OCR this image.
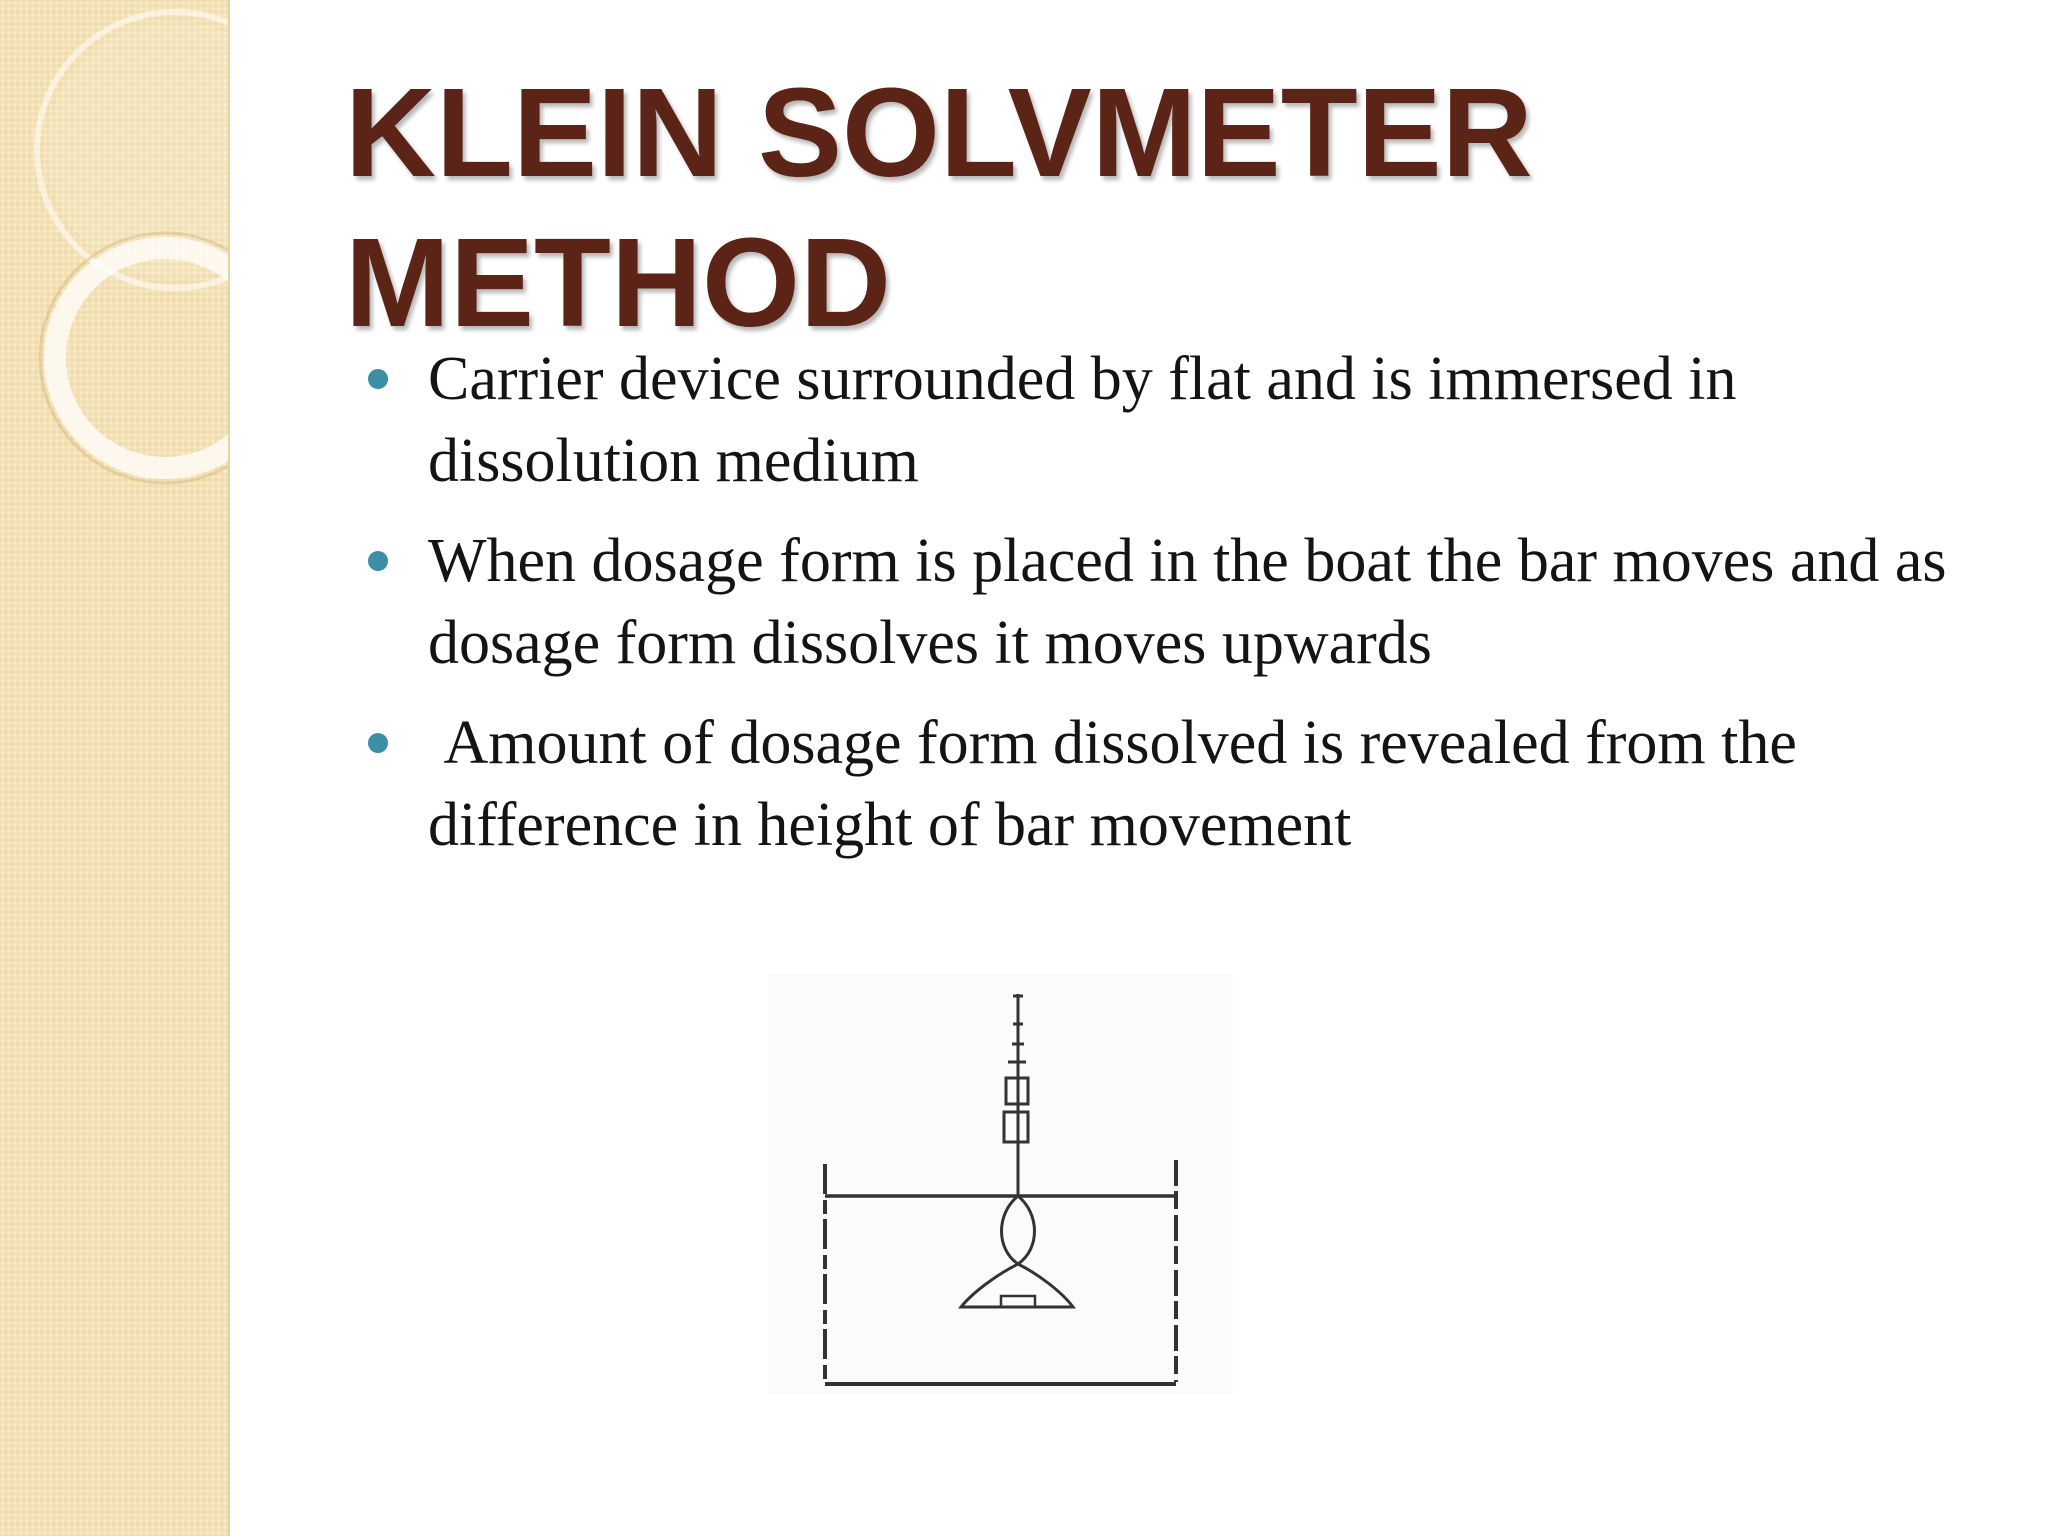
KLEIN SOLVMETER
METHOD
Carrier device surrounded by flat and is immersed in dissolution medium
When dosage form is placed in the boat the bar moves and as dosage form dissolves it moves upwards
Amount of dosage form dissolved is revealed from the difference in height of bar movement
